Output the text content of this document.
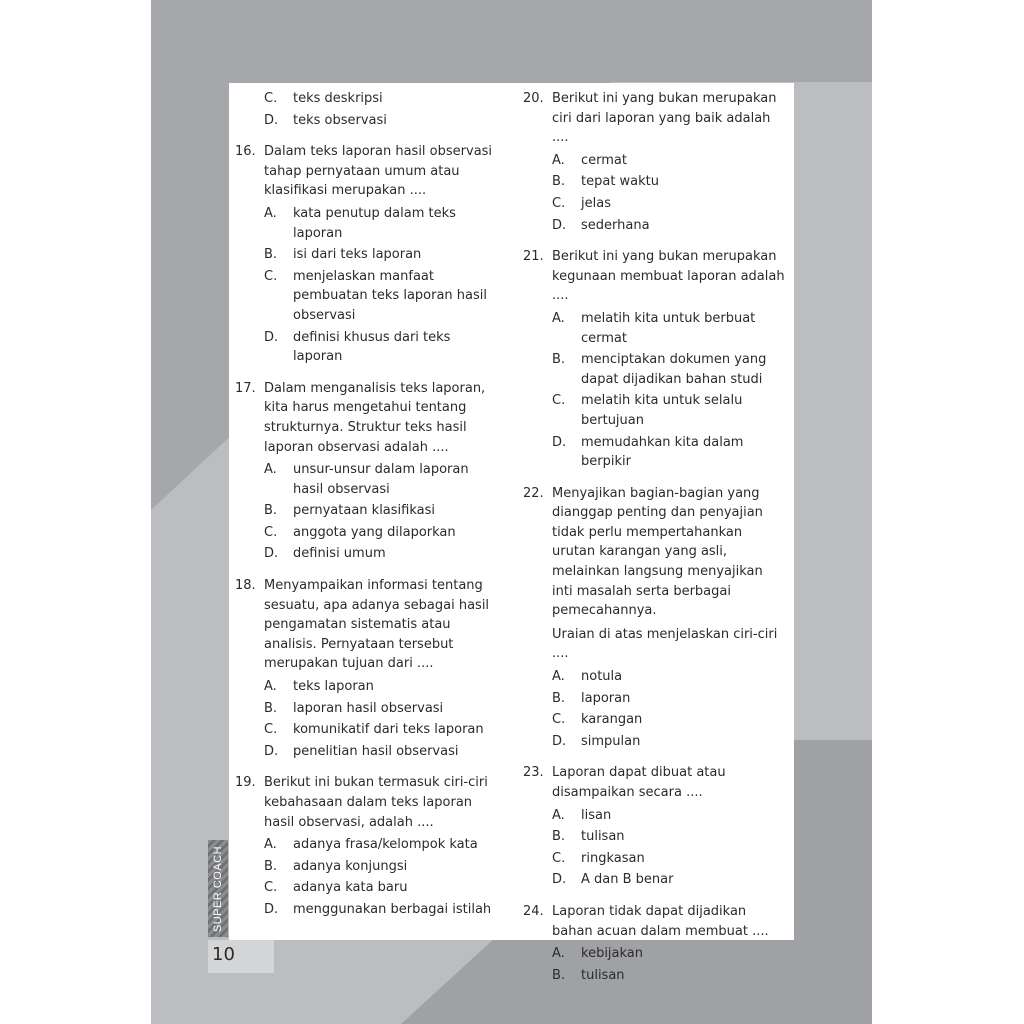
C.	teks deskripsi
D.	teks observasi
16. Dalam teks laporan hasil observasi tahap pernyataan umum atau klasifikasi merupakan ....
A.	kata penutup dalam teks laporan
B.	isi dari teks laporan
C.	menjelaskan manfaat pembuatan teks laporan hasil observasi
D.	definisi khusus dari teks laporan
17. Dalam menganalisis teks laporan, kita harus mengetahui tentang strukturnya. Struktur teks hasil laporan observasi adalah ....
A.	unsur-unsur dalam laporan hasil observasi
B.	pernyataan klasifikasi
C.	anggota yang dilaporkan
D.	definisi umum
18. Menyampaikan informasi tentang sesuatu, apa adanya sebagai hasil pengamatan sistematis atau analisis. Pernyataan tersebut merupakan tujuan dari ....
A.	teks laporan
B.	laporan hasil observasi
C.	komunikatif dari teks laporan
D.	penelitian hasil observasi
19. Berikut ini bukan termasuk ciri-ciri kebahasaan dalam teks laporan hasil observasi, adalah ....
A.	adanya frasa/kelompok kata
B.	adanya konjungsi
C.	adanya kata baru
D.	menggunakan berbagai istilah
20. Berikut ini yang bukan merupakan ciri dari laporan yang baik adalah ....
A.	cermat
B.	tepat waktu
C.	jelas
D.	sederhana
21. Berikut ini yang bukan merupakan kegunaan membuat laporan adalah ....
A.	melatih kita untuk berbuat cermat
B.	menciptakan dokumen yang dapat dijadikan bahan studi
C.	melatih kita untuk selalu bertujuan
D.	memudahkan kita dalam berpikir
22. Menyajikan bagian-bagian yang dianggap penting dan penyajian tidak perlu mempertahankan urutan karangan yang asli, melainkan langsung menyajikan inti masalah serta berbagai pemecahannya.
Uraian di atas menjelaskan ciri-ciri ....
A.	notula
B.	laporan
C.	karangan
D.	simpulan
23. Laporan dapat dibuat atau disampaikan secara ....
A.	lisan
B.	tulisan
C.	ringkasan
D.	A dan B benar
24. Laporan tidak dapat dijadikan bahan acuan dalam membuat ....
A.	kebijakan
B.	tulisan
SUPER COACH
10
